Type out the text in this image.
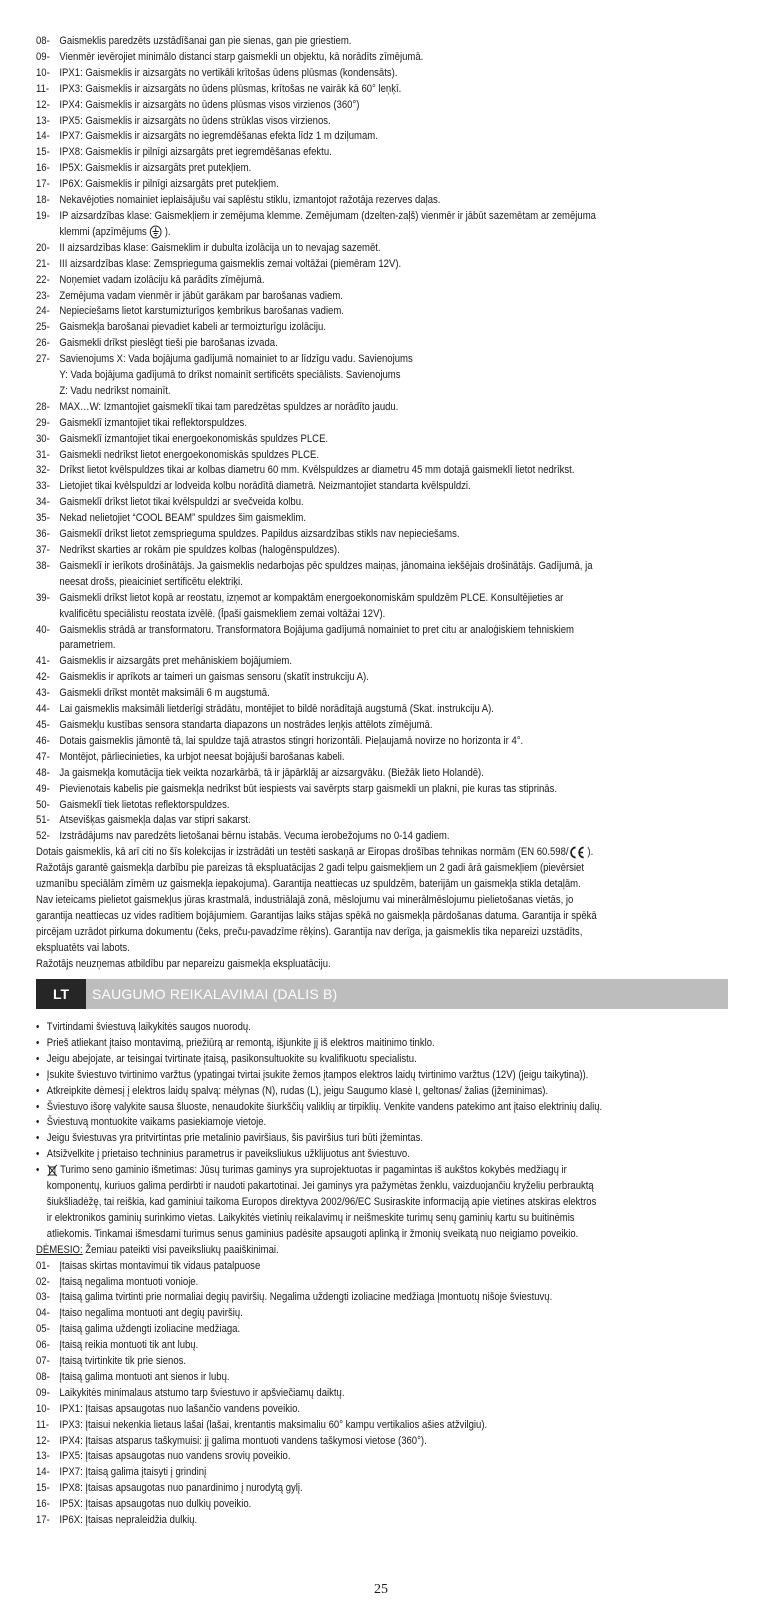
08- Gaismeklis paredzēts uzstādīšanai gan pie sienas, gan pie griestiem.
09- Vienmēr ievērojiet minimālo distanci starp gaismekli un objektu, kā norādīts zīmējumā.
10- IPX1: Gaismeklis ir aizsargāts no vertikāli krītošas ūdens plūsmas (kondensāts).
11- IPX3: Gaismeklis ir aizsargāts no ūdens plūsmas, krītošas ne vairāk kā 60° leņķī.
12- IPX4: Gaismeklis ir aizsargāts no ūdens plūsmas visos virzienos (360°)
13- IPX5: Gaismeklis ir aizsargāts no ūdens strūklas visos virzienos.
14- IPX7: Gaismeklis ir aizsargāts no iegremdēšanas efekta līdz 1 m dziļumam.
15- IPX8: Gaismeklis ir pilnīgi aizsargāts pret iegremdēšanas efektu.
16- IP5X: Gaismeklis ir aizsargāts pret putekļiem.
17- IP6X: Gaismeklis ir pilnīgi aizsargāts pret putekļiem.
18- Nekavējoties nomainiet ieplaisājušu vai saplēstu stiklu, izmantojot ražotāja rezerves daļas.
19- IP aizsardzības klase: Gaismekļiem ir zemējuma klemme. Zemējumam (dzelten-zaļš) vienmēr ir jābūt sazemētam ar zemējuma
klemmi (apzīmējums  ).
20- II aizsardzības klase: Gaismeklim ir dubulta izolācija un to nevajag sazemēt.
21- III aizsardzības klase: Zemsprieguma gaismeklis zemai voltāžai (piemēram 12V).
22- Noņemiet vadam izolāciju kā parādīts zīmējumā.
23- Zemējuma vadam vienmēr ir jābūt garākam par barošanas vadiem.
24- Nepieciešams lietot karstumizturīgos ķembrikus barošanas vadiem.
25- Gaismekļa barošanai pievadiet kabeli ar termoizturīgu izolāciju.
26- Gaismekli drīkst pieslēgt tieši pie barošanas izvada.
27- Savienojums X: Vada bojājuma gadījumā nomainiet to ar līdzīgu vadu. Savienojums
Y: Vada bojājuma gadījumā to drīkst nomainīt sertificēts speciālists. Savienojums
Z: Vadu nedrīkst nomainīt.
28- MAX…W: Izmantojiet gaismeklī tikai tam paredzētas spuldzes ar norādīto jaudu.
29- Gaismeklī izmantojiet tikai reflektorspuldzes.
30- Gaismeklī izmantojiet tikai energoekonomiskās spuldzes PLCE.
31- Gaismekli nedrīkst lietot energoekonomiskās spuldzes PLCE.
32- Drīkst lietot kvēlspuldzes tikai ar kolbas diametru 60 mm. Kvēlspuldzes ar diametru 45 mm dotajā gaismeklī lietot nedrīkst.
33- Lietojiet tikai kvēlspuldzi ar lodveida kolbu norādītā diametrā. Neizmantojiet standarta kvēlspuldzi.
34- Gaismeklī drīkst lietot tikai kvēlspuldzi ar svečveida kolbu.
35- Nekad nelietojiet “COOL BEAM” spuldzes šim gaismeklim.
36- Gaismeklī drīkst lietot zemsprieguma spuldzes. Papildus aizsardzības stikls nav nepieciešams.
37- Nedrīkst skarties ar rokām pie spuldzes kolbas (halogēnspuldzes).
38- Gaismeklī ir ierīkots drošinātājs. Ja gaismeklis nedarbojas pēc spuldzes maiņas, jānomaina iekšējais drošinātājs. Gadījumā, ja
neesat drošs, pieaiciniet sertificētu elektriķi.
39- Gaismekli drīkst lietot kopā ar reostatu, izņemot ar kompaktām energoekonomiskām spuldzēm PLCE. Konsultējieties ar
kvalificētu speciālistu reostata izvēlē. (Īpaši gaismekliem zemai voltāžai 12V).
40- Gaismeklis strādā ar transformatoru. Transformatora Bojājuma gadījumā nomainiet to pret citu ar analoģiskiem tehniskiem
parametriem.
41- Gaismeklis ir aizsargāts pret mehāniskiem bojājumiem.
42- Gaismeklis ir aprīkots ar taimeri un gaismas sensoru (skatīt instrukciju A).
43- Gaismekli drīkst montēt maksimāli 6 m augstumā.
44- Lai gaismeklis maksimāli lietderīgi strādātu, montējiet to bildē norādītajā augstumā (Skat. instrukciju A).
45- Gaismekļu kustības sensora standarta diapazons un nostrādes leņķis attēlots zīmējumā.
46- Dotais gaismeklis jāmontē tā, lai spuldze tajā atrastos stingri horizontāli. Pieļaujamā novirze no horizonta ir 4°.
47- Montējot, pārliecinieties, ka urbjot neesat bojājuši barošanas kabeli.
48- Ja gaismekļa komutācija tiek veikta nozarkārbā, tā ir jāpārklāj ar aizsargvāku. (Biežāk lieto Holandē).
49- Pievienotais kabelis pie gaismekļa nedrīkst būt iespiests vai savērpts starp gaismekli un plakni, pie kuras tas stiprinās.
50- Gaismeklī tiek lietotas reflektorspuldzes.
51- Atsevišķas gaismekļa daļas var stipri sakarst.
52- Izstrādājums nav paredzēts lietošanai bērnu istabās. Vecuma ierobežojums no 0-14 gadiem.
Dotais gaismeklis, kā arī citi no šīs kolekcijas ir izstrādāti un testēti saskaņā ar Eiropas drošības tehnikas normām (EN 60.598/ ).
Ražotājs garantē gaismekļa darbību pie pareizas tā ekspluatācijas 2 gadi telpu gaismekļiem un 2 gadi ārā gaismekļiem (pievērsiet
uzmanību speciālām zīmēm uz gaismekļa iepakojuma). Garantija neattiecas uz spuldzēm, baterijām un gaismekļa stikla detaļām.
Nav ieteicams pielietot gaismekļus jūras krastmalā, industriālajā zonā, mēslojumu vai minerālmēslojumu pielietošanas vietās, jo
garantija neattiecas uz vides radītiem bojājumiem. Garantijas laiks stājas spēkā no gaismekļa pārdošanas datuma. Garantija ir spēkā
pircējam uzrādot pirkuma dokumentu (čeks, preču-pavadzīme rēķins). Garantija nav derīga, ja gaismeklis tika nepareizi uzstādīts,
ekspluatēts vai labots.
Ražotājs neuzņemas atbildību par nepareizu gaismekļa ekspluatāciju.
LT	SAUGUMO REIKALAVIMAI (DALIS B)
• Tvirtindami šviestuvą laikykitės saugos nuorodų.
• Prieš atliekant įtaiso montavimą, priežiūrą ar remontą, išjunkite jį iš elektros maitinimo tinklo.
• Jeigu abejojate, ar teisingai tvirtinate įtaisą, pasikonsultuokite su kvalifikuotu specialistu.
• Įsukite šviestuvo tvirtinimo varžtus (ypatingai tvirtai įsukite žemos įtampos elektros laidų tvirtinimo varžtus (12V) (jeigu taikytina)).
• Atkreipkite dėmesį į elektros laidų spalvą: mėlynas (N), rudas (L), jeigu Saugumo klasė I, geltonas/ žalias (įžeminimas).
• Šviestuvo išorę valykite sausa šluoste, nenaudokite šiurkščių valiklių ar tirpiklių. Venkite vandens patekimo ant įtaiso elektrinių dalių.
• Šviestuvą montuokite vaikams pasiekiamoje vietoje.
• Jeigu šviestuvas yra pritvirtintas prie metalinio paviršiaus, šis paviršius turi būti įžemintas.
• Atsižvelkite į prietaiso techninius parametrus ir paveiksliukus užklijuotus ant šviestuvo.
•	Turimo seno gaminio išmetimas: Jūsų turimas gaminys yra suprojektuotas ir pagamintas iš aukštos kokybės medžiagų ir
komponentų, kuriuos galima perdirbti ir naudoti pakartotinai. Jei gaminys yra pažymėtas ženklu, vaizduojančiu kryželiu perbrauktą
šiukšliadėžę, tai reiškia, kad gaminiui taikoma Europos direktyva 2002/96/EC Susiraskite informaciją apie vietines atskiras elektros
ir elektronikos gaminių surinkimo vietas. Laikykitės vietinių reikalavimų ir neišmeskite turimų senų gaminių kartu su buitinėmis
atliekomis. Tinkamai išmesdami turimus senus gaminius padėsite apsaugoti aplinką ir žmonių sveikatą nuo neigiamo poveikio.
DĖMESIO: Žemiau pateikti visi paveiksliukų paaiškinimai.
01- Įtaisas skirtas montavimui tik vidaus patalpuose
02- Įtaisą negalima montuoti vonioje.
03- Įtaisą galima tvirtinti prie normaliai degių paviršių. Negalima uždengti izoliacine medžiaga Įmontuotų nišoje šviestuvų.
04- Įtaiso negalima montuoti ant degių paviršių.
05- Įtaisą galima uždengti izoliacine medžiaga.
06- Įtaisą reikia montuoti tik ant lubų.
07- Įtaisą tvirtinkite tik prie sienos.
08- Įtaisą galima montuoti ant sienos ir lubų.
09- Laikykitės minimalaus atstumo tarp šviestuvo ir apšviečiamų daiktų.
10- IPX1: Įtaisas apsaugotas nuo lašančio vandens poveikio.
11- IPX3: Įtaisui nekenkia lietaus lašai (lašai, krentantis maksimaliu 60° kampu vertikalios ašies atžvilgiu).
12- IPX4: Įtaisas atsparus taškymuisi: jį galima montuoti vandens taškymosi vietose (360°).
13- IPX5: Įtaisas apsaugotas nuo vandens srovių poveikio.
14- IPX7: Įtaisą galima įtaisyti į grindinį
15- IPX8: Įtaisas apsaugotas nuo panardinimo į nurodytą gylį.
16- IP5X: Įtaisas apsaugotas nuo dulkių poveikio.
17- IP6X: Įtaisas nepraleidžia dulkių.
25
